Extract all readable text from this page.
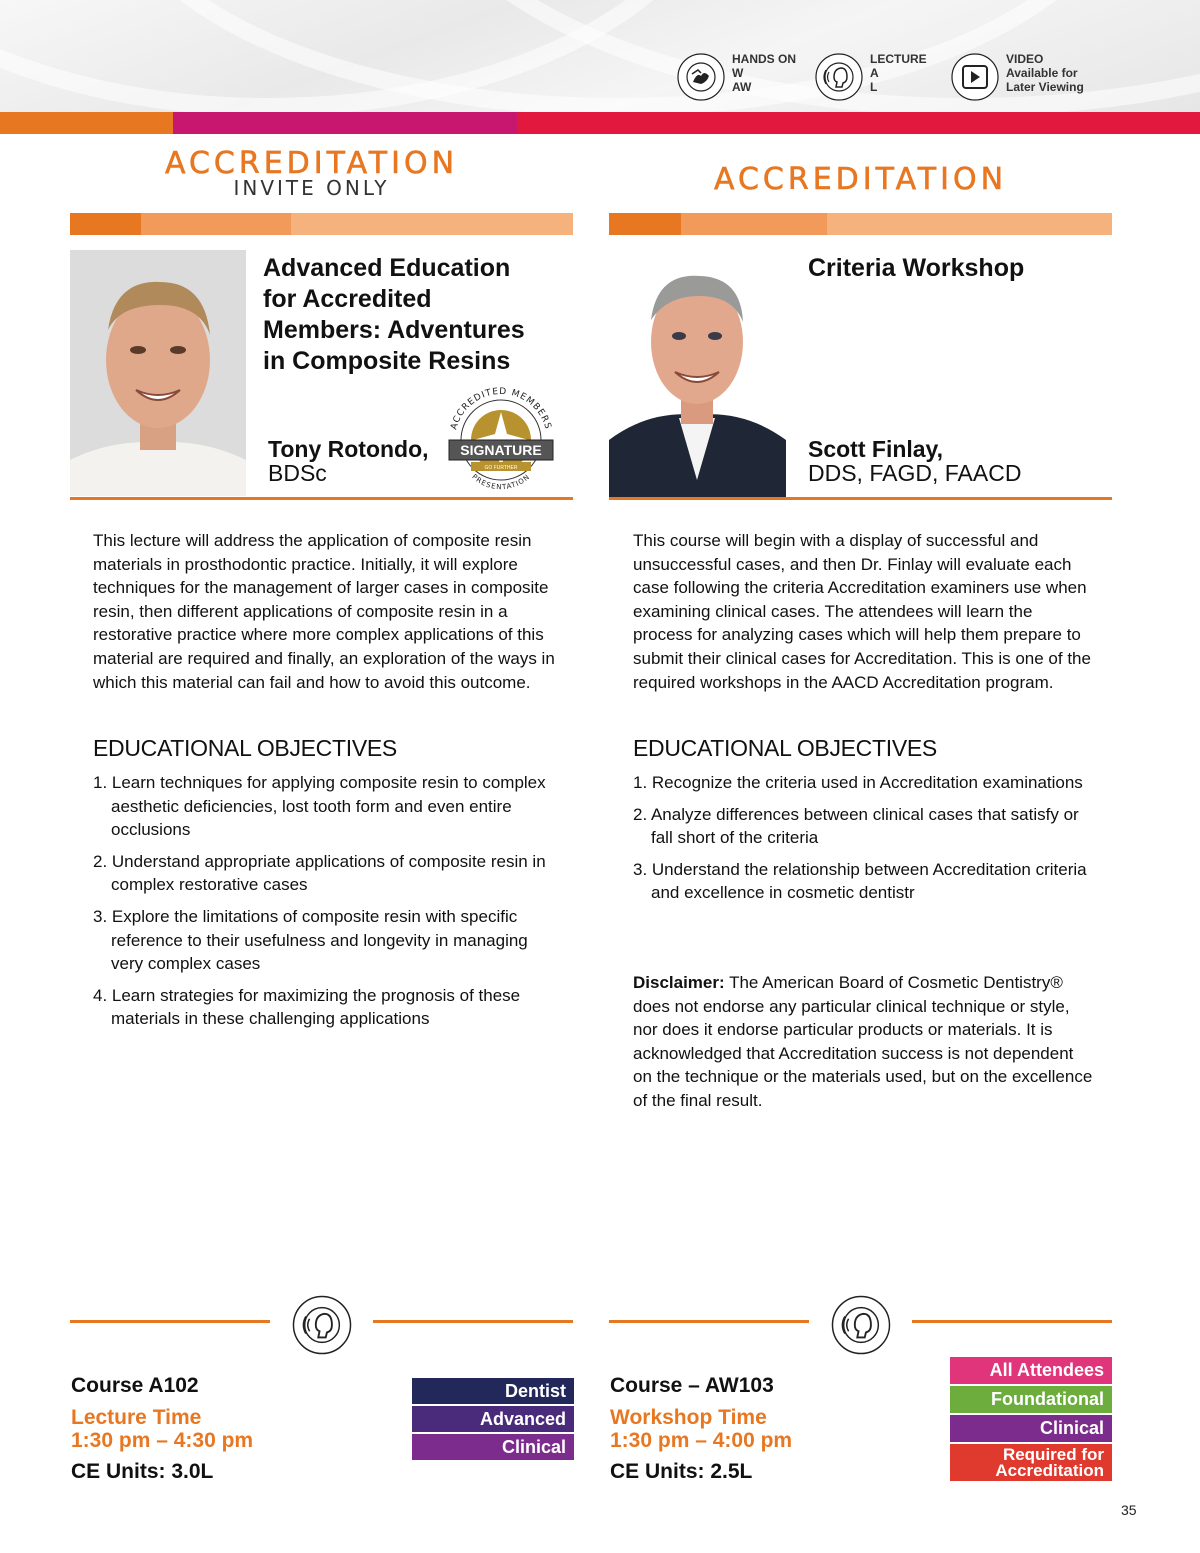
HANDS ON
W
AW
LECTURE
A
L
VIDEO
Available for
Later Viewing
ACCREDITATION
INVITE ONLY
Advanced Education
for Accredited
Members: Adventures
in Composite Resins
Tony Rotondo,
BDSc
ACCREDITED MEMBERS
SIGNATURE
GO FURTHER
PRESENTATION
This lecture will address the application of composite resin materials in prosthodontic practice. Initially, it will explore techniques for the management of larger cases in composite resin, then different applications of composite resin in a restorative practice where more complex applications of this material are required and finally, an exploration of the ways in which this material can fail and how to avoid this outcome.
EDUCATIONAL OBJECTIVES
1. Learn techniques for applying composite resin to complex aesthetic deficiencies, lost tooth form and even entire occlusions
2. Understand appropriate applications of composite resin in complex restorative cases
3. Explore the limitations of composite resin with specific reference to their usefulness and longevity in managing very complex cases
4. Learn strategies for maximizing the prognosis of these materials in these challenging applications
Course A102
Lecture Time
1:30 pm – 4:30 pm
CE Units: 3.0L
Dentist
Advanced
Clinical
ACCREDITATION
Criteria Workshop
Scott Finlay,
DDS, FAGD, FAACD
This course will begin with a display of successful and unsuccessful cases, and then Dr. Finlay will evaluate each case following the criteria Accreditation examiners use when examining clinical cases. The attendees will learn the process for analyzing cases which will help them prepare to submit their clinical cases for Accreditation. This is one of the required workshops in the AACD Accreditation program.
EDUCATIONAL OBJECTIVES
1. Recognize the criteria used in Accreditation examinations
2. Analyze differences between clinical cases that satisfy or fall short of the criteria
3. Understand the relationship between Accreditation criteria and excellence in cosmetic dentistr
Disclaimer: The American Board of Cosmetic Dentistry® does not endorse any particular clinical technique or style, nor does it endorse particular products or materials. It is acknowledged that Accreditation success is not dependent on the technique or the materials used, but on the excellence of the final result.
Course – AW103
Workshop Time
1:30 pm – 4:00 pm
CE Units: 2.5L
All Attendees
Foundational
Clinical
Required for
Accreditation
35
